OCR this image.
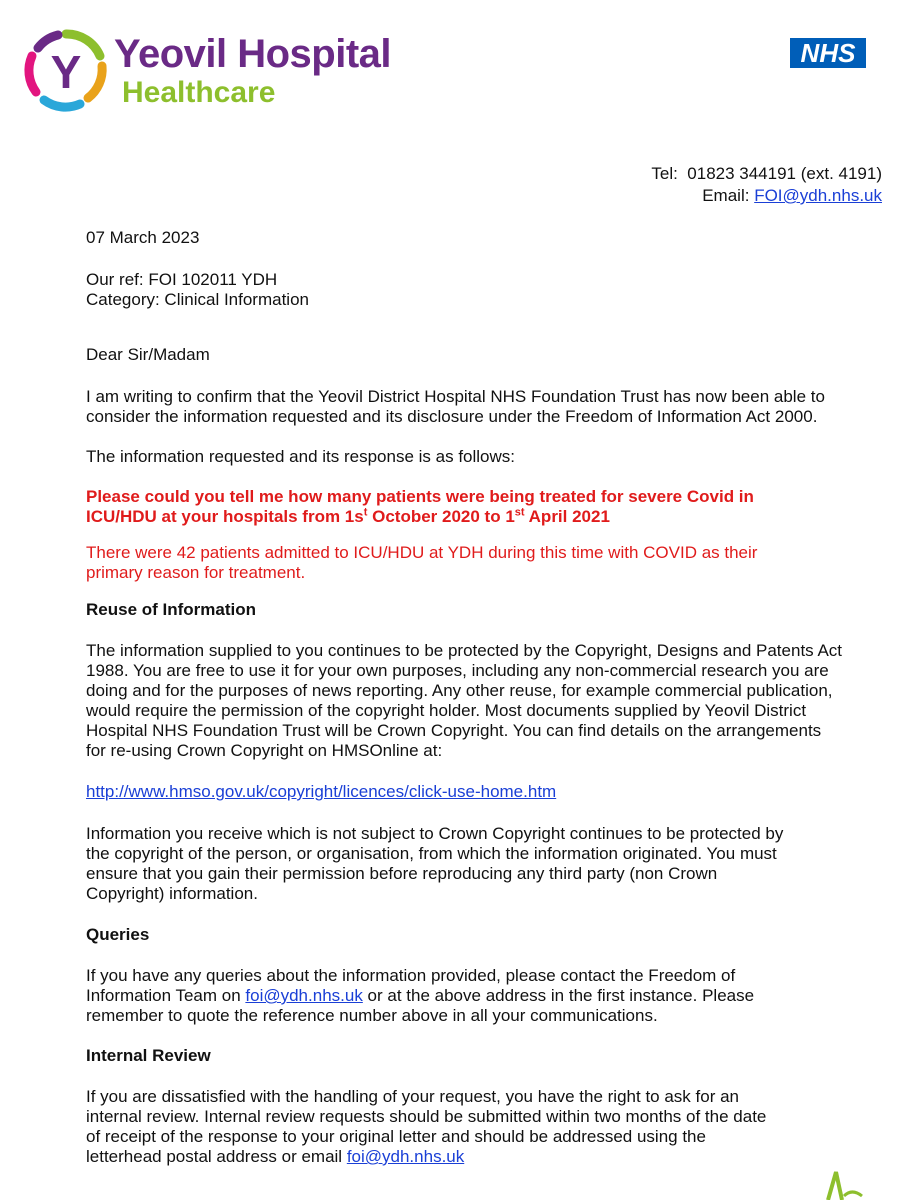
Y Yeovil Hospital
Healthcare
NHS
Tel: 01823 344191 (ext. 4191)
Email: FOI@ydh.nhs.uk

07 March 2023

Our ref: FOI 102011 YDH

Category: Clinical Information

Dear Sir/Madam

I am writing to confirm that the Yeovil District Hospital NHS Foundation Trust has now been able to

consider the information requested and its disclosure under the Freedom of Information Act 2000.

The information requested and its response is as follows:

Please could you tell me how many patients were being treated for severe Covid in

ICU/HDU at your hospitals from $1s^t$ October 2020 to 1st April 2021

There were 42 patients admitted to ICU/HDU at YDH during this time with COVID as their

primary reason for treatment.

Reuse of Information

The information supplied to you continues to be protected by the Copyright, Designs and Patents Act

1988. You are free to use it for your own purposes, including any non-commercial research you are

doing and for the purposes of news reporting. Any other reuse, for example commercial publication,

would require the permission of the copyright holder. Most documents supplied by Yeovil District

Hospital NHS Foundation Trust will be Crown Copyright. You can find details on the arrangements

for re-using Crown Copyright on HMSOnline at:

http://www.hmso.gov.uk/copyright/licences/click-use-home.htm

Information you receive which is not subject to Crown Copyright continues to be protected by

the copyright of the person, or organisation, from which the information originated. You must

ensure that you gain their permission before reproducing any third party (non Crown

Copyright) information.

Queries

If you have any queries about the information provided, please contact the Freedom of

Information Team on foi@ydh.nhs.uk or at the above address in the first instance. Please

remember to quote the reference number above in all your communications.

Internal Review

If you are dissatisfied with the handling of your request, you have the right to ask for an

internal review. Internal review requests should be submitted within two months of the date

of receipt of the response to your original letter and should be addressed using the

letterhead postal address or email foi@ydh.nhs.uk
